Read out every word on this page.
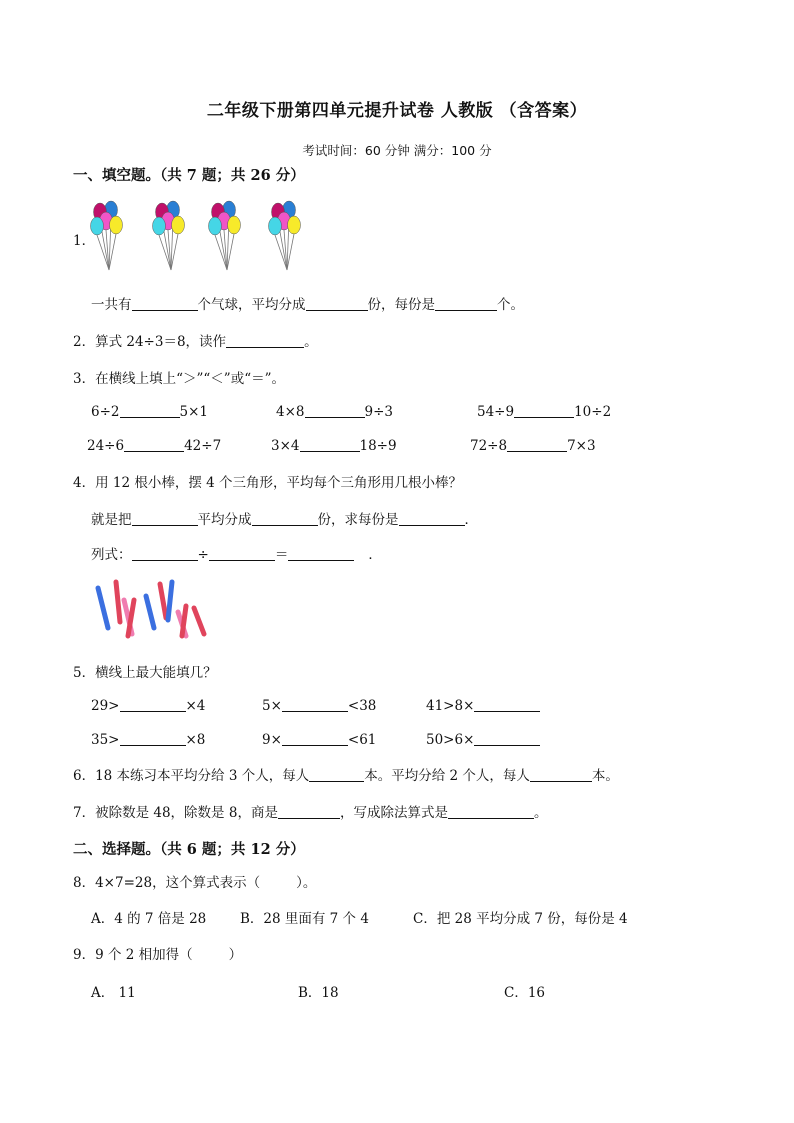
二年级下册第四单元提升试卷 人教版 （含答案）
考试时间：60 分钟 满分：100 分
一、填空题。（共 7 题；共 26 分）
1．
一共有	个气球，平均分成	份，每份是	个。
2．算式 24÷3＝8，读作	。
3．在横线上填上“＞”“＜”或“＝”。
6÷2	5×1	4×8	9÷3	54÷9	10÷2
24÷6	42÷7	3×4	18÷9	72÷8	7×3
4．用 12 根小棒，摆 4 个三角形，平均每个三角形用几根小棒？
就是把	平均分成	份，求每份是	．
列式：	÷	＝	．
5．横线上最大能填几？
29>	×4	5×	<38	41>8×
35>	×8	9×	<61	50>6×
6．18 本练习本平均分给 3 个人，每人	本。平均分给 2 个人，每人	本。
7．被除数是 48，除数是 8，商是	，写成除法算式是	。
二、选择题。（共 6 题；共 12 分）
8．4×7=28，这个算式表示（	）。
A．4 的 7 倍是 28 B．28 里面有 7 个 4	C．把 28 平均分成 7 份，每份是 4
9．9 个 2 相加得（	）
A． 11	B．18	C．16
